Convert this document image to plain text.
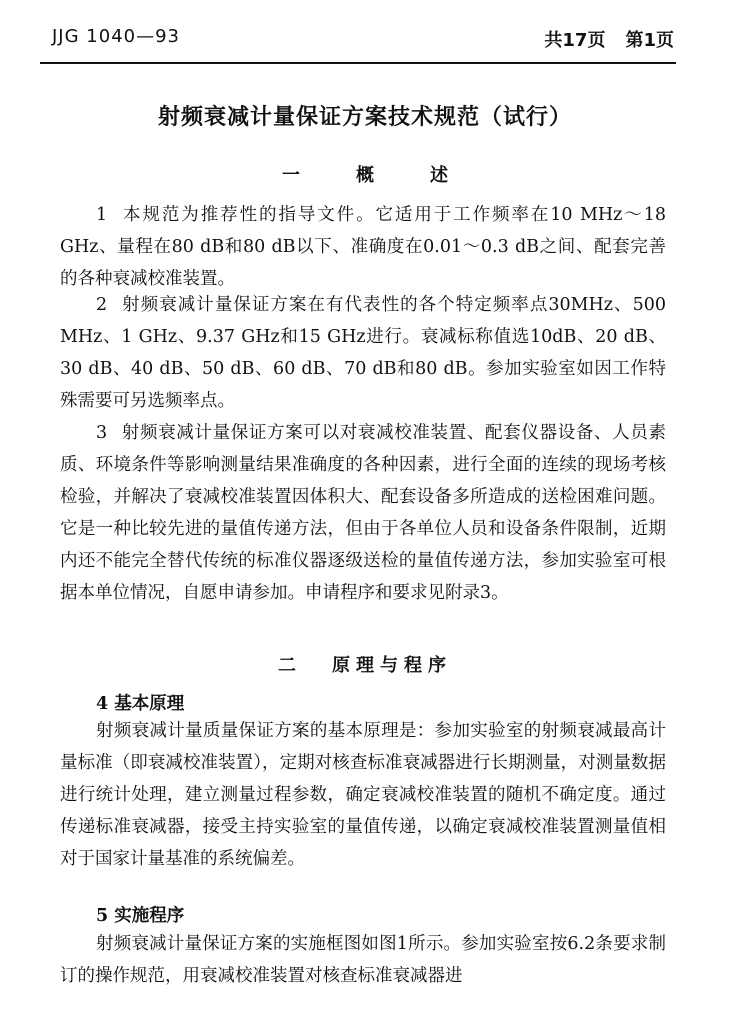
JJG 1040—93	共17页 第1页
射频衰减计量保证方案技术规范（试行）
一	概	述

1 本规范为推荐性的指导文件。它适用于工作频率在10 MHz～18 GHz、量程在80 dB和80 dB以下、准确度在0.01～0.3 dB之间、配套完善的各种衰减校准装置。

2 射频衰减计量保证方案在有代表性的各个特定频率点30MHz、500 MHz、1 GHz、9.37 GHz和15 GHz进行。衰减标称值选10dB、20 dB、30 dB、40 dB、50 dB、60 dB、70 dB和80 dB。参加实验室如因工作特殊需要可另选频率点。

3 射频衰减计量保证方案可以对衰减校准装置、配套仪器设备、人员素质、环境条件等影响测量结果准确度的各种因素，进行全面的连续的现场考核检验，并解决了衰减校准装置因体积大、配套设备多所造成的送检困难问题。它是一种比较先进的量值传递方法，但由于各单位人员和设备条件限制，近期内还不能完全替代传统的标准仪器逐级送检的量值传递方法，参加实验室可根据本单位情况，自愿申请参加。申请程序和要求见附录3。

二 原理与程序
4 基本原理

射频衰减计量质量保证方案的基本原理是：参加实验室的射频衰减最高计量标准（即衰减校准装置），定期对核查标准衰减器进行长期测量，对测量数据进行统计处理，建立测量过程参数，确定衰减校准装置的随机不确定度。通过传递标准衰减器，接受主持实验室的量值传递，以确定衰减校准装置测量值相对于国家计量基准的系统偏差。

5 实施程序

射频衰减计量保证方案的实施框图如图1所示。参加实验室按6.2条要求制订的操作规范，用衰减校准装置对核查标准衰减器进
